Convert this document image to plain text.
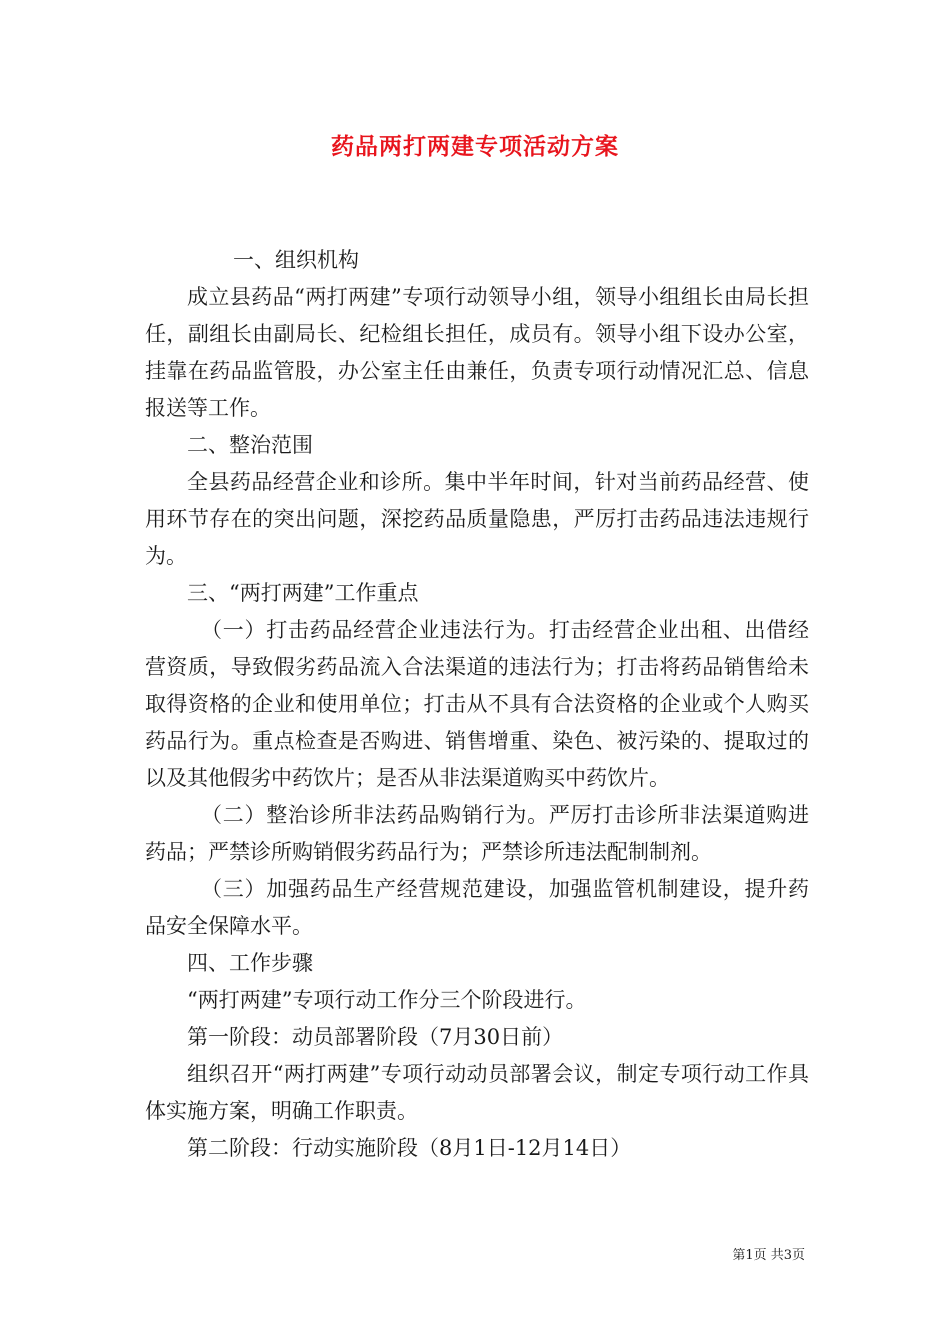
药品两打两建专项活动方案

一、组织机构

成立县药品“两打两建”专项行动领导小组，领导小组组长由局长担任，副组长由副局长、纪检组长担任，成员有。领导小组下设办公室，挂靠在药品监管股，办公室主任由兼任，负责专项行动情况汇总、信息报送等工作。

二、整治范围

全县药品经营企业和诊所。集中半年时间，针对当前药品经营、使用环节存在的突出问题，深挖药品质量隐患，严厉打击药品违法违规行为。

三、“两打两建”工作重点

（一）打击药品经营企业违法行为。打击经营企业出租、出借经营资质，导致假劣药品流入合法渠道的违法行为；打击将药品销售给未取得资格的企业和使用单位；打击从不具有合法资格的企业或个人购买药品行为。重点检查是否购进、销售增重、染色、被污染的、提取过的以及其他假劣中药饮片；是否从非法渠道购买中药饮片。

（二）整治诊所非法药品购销行为。严厉打击诊所非法渠道购进药品；严禁诊所购销假劣药品行为；严禁诊所违法配制制剂。

（三）加强药品生产经营规范建设，加强监管机制建设，提升药品安全保障水平。

四、工作步骤

“两打两建”专项行动工作分三个阶段进行。

第一阶段：动员部署阶段（7月30日前）

组织召开“两打两建”专项行动动员部署会议，制定专项行动工作具体实施方案，明确工作职责。

第二阶段：行动实施阶段（8月1日-12月14日）

第1页 共3页
